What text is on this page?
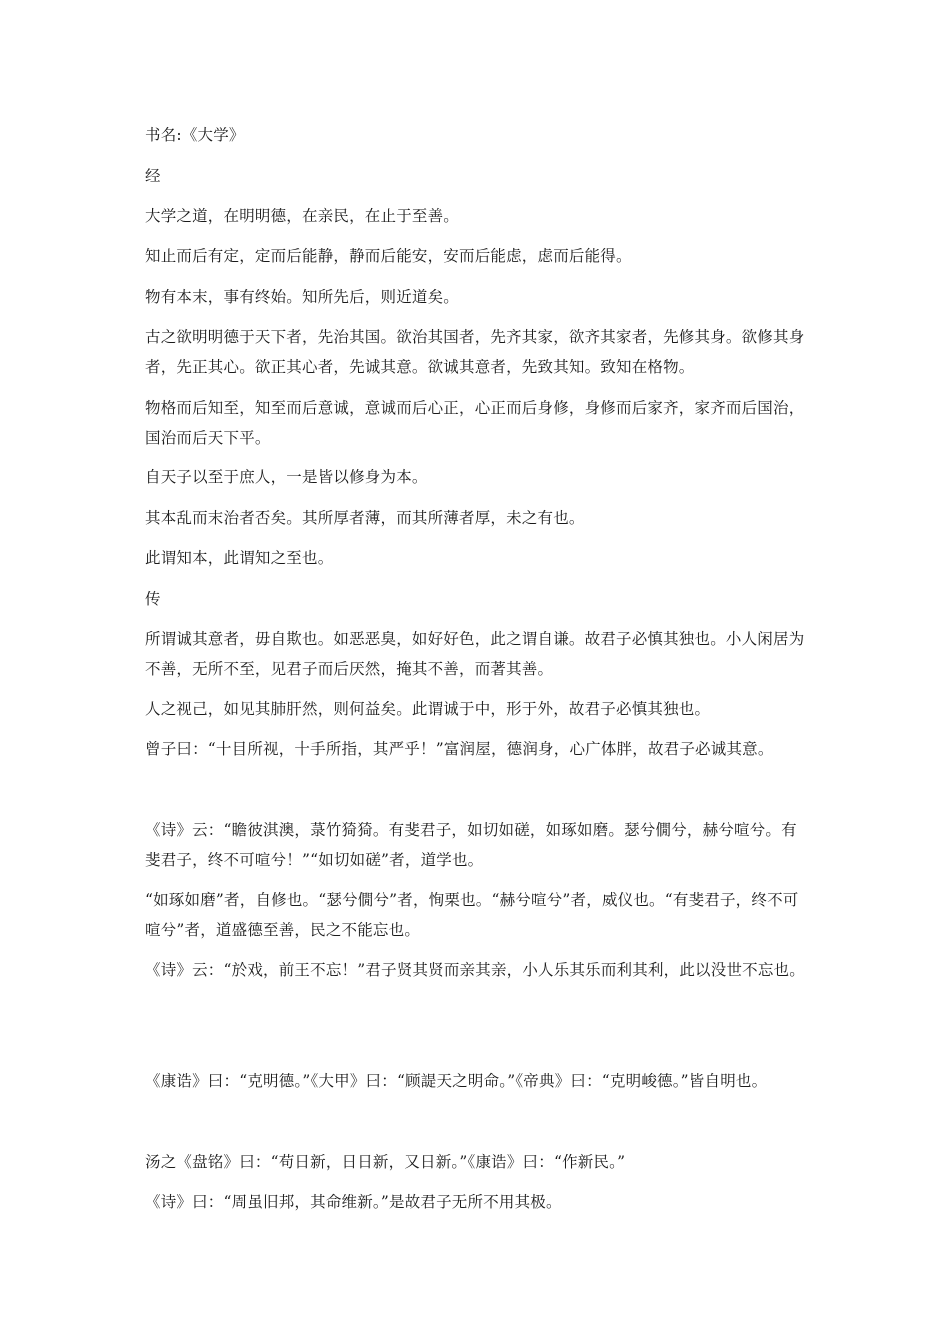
书名:《大学》

经

大学之道，在明明德，在亲民，在止于至善。

知止而后有定，定而后能静，静而后能安，安而后能虑，虑而后能得。

物有本末，事有终始。知所先后，则近道矣。

古之欲明明德于天下者，先治其国。欲治其国者，先齐其家，欲齐其家者，先修其身。欲修其身者，先正其心。欲正其心者，先诚其意。欲诚其意者，先致其知。致知在格物。

物格而后知至，知至而后意诚，意诚而后心正，心正而后身修，身修而后家齐，家齐而后国治，国治而后天下平。

自天子以至于庶人，一是皆以修身为本。

其本乱而末治者否矣。其所厚者薄，而其所薄者厚，未之有也。

此谓知本，此谓知之至也。

传

所谓诚其意者，毋自欺也。如恶恶臭，如好好色，此之谓自谦。故君子必慎其独也。小人闲居为不善，无所不至，见君子而后厌然，掩其不善，而著其善。

人之视己，如见其肺肝然，则何益矣。此谓诚于中，形于外，故君子必慎其独也。

曾子曰：“十目所视，十手所指，其严乎！”富润屋，德润身，心广体胖，故君子必诚其意。

《诗》云：“瞻彼淇澳，菉竹猗猗。有斐君子，如切如磋，如琢如磨。瑟兮僩兮，赫兮喧兮。有斐君子，终不可喧兮！”“如切如磋”者，道学也。

“如琢如磨”者，自修也。“瑟兮僩兮”者，恂栗也。“赫兮喧兮”者，威仪也。“有斐君子，终不可喧兮”者，道盛德至善，民之不能忘也。

《诗》云：“於戏，前王不忘！”君子贤其贤而亲其亲，小人乐其乐而利其利，此以没世不忘也。

《康诰》曰：“克明德。”《大甲》曰：“顾諟天之明命。”《帝典》曰：“克明峻德。”皆自明也。

汤之《盘铭》曰：“苟日新，日日新，又日新。”《康诰》曰：“作新民。”

《诗》曰：“周虽旧邦，其命维新。”是故君子无所不用其极。
